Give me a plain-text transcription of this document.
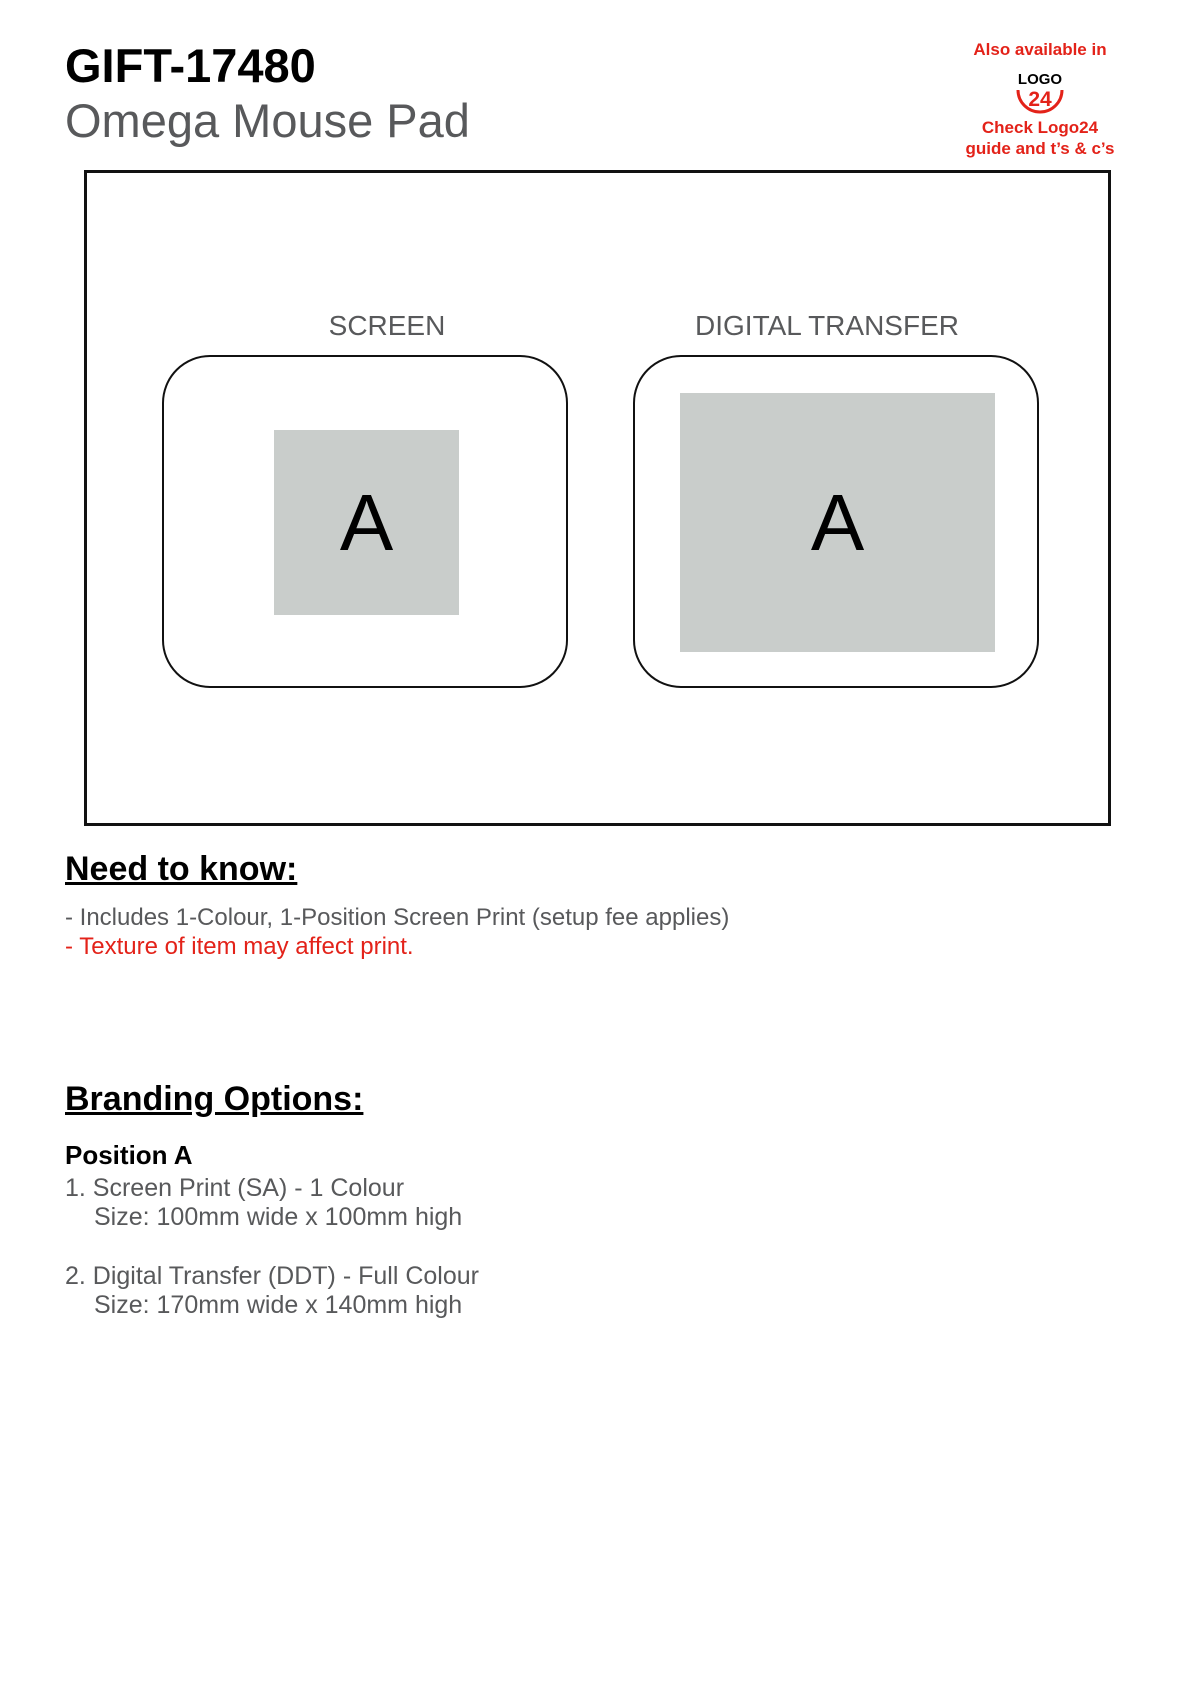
GIFT-17480
Omega Mouse Pad
Also available in
LOGO
24
Check Logo24
guide and t’s & c’s
SCREEN
A
DIGITAL TRANSFER
A
Need to know:
- Includes 1-Colour, 1-Position Screen Print (setup fee applies)
- Texture of item may affect print.
Branding Options:
Position A
1. Screen Print (SA) - 1 Colour
Size: 100mm wide x 100mm high
2. Digital Transfer (DDT) - Full Colour
Size: 170mm wide x 140mm high
